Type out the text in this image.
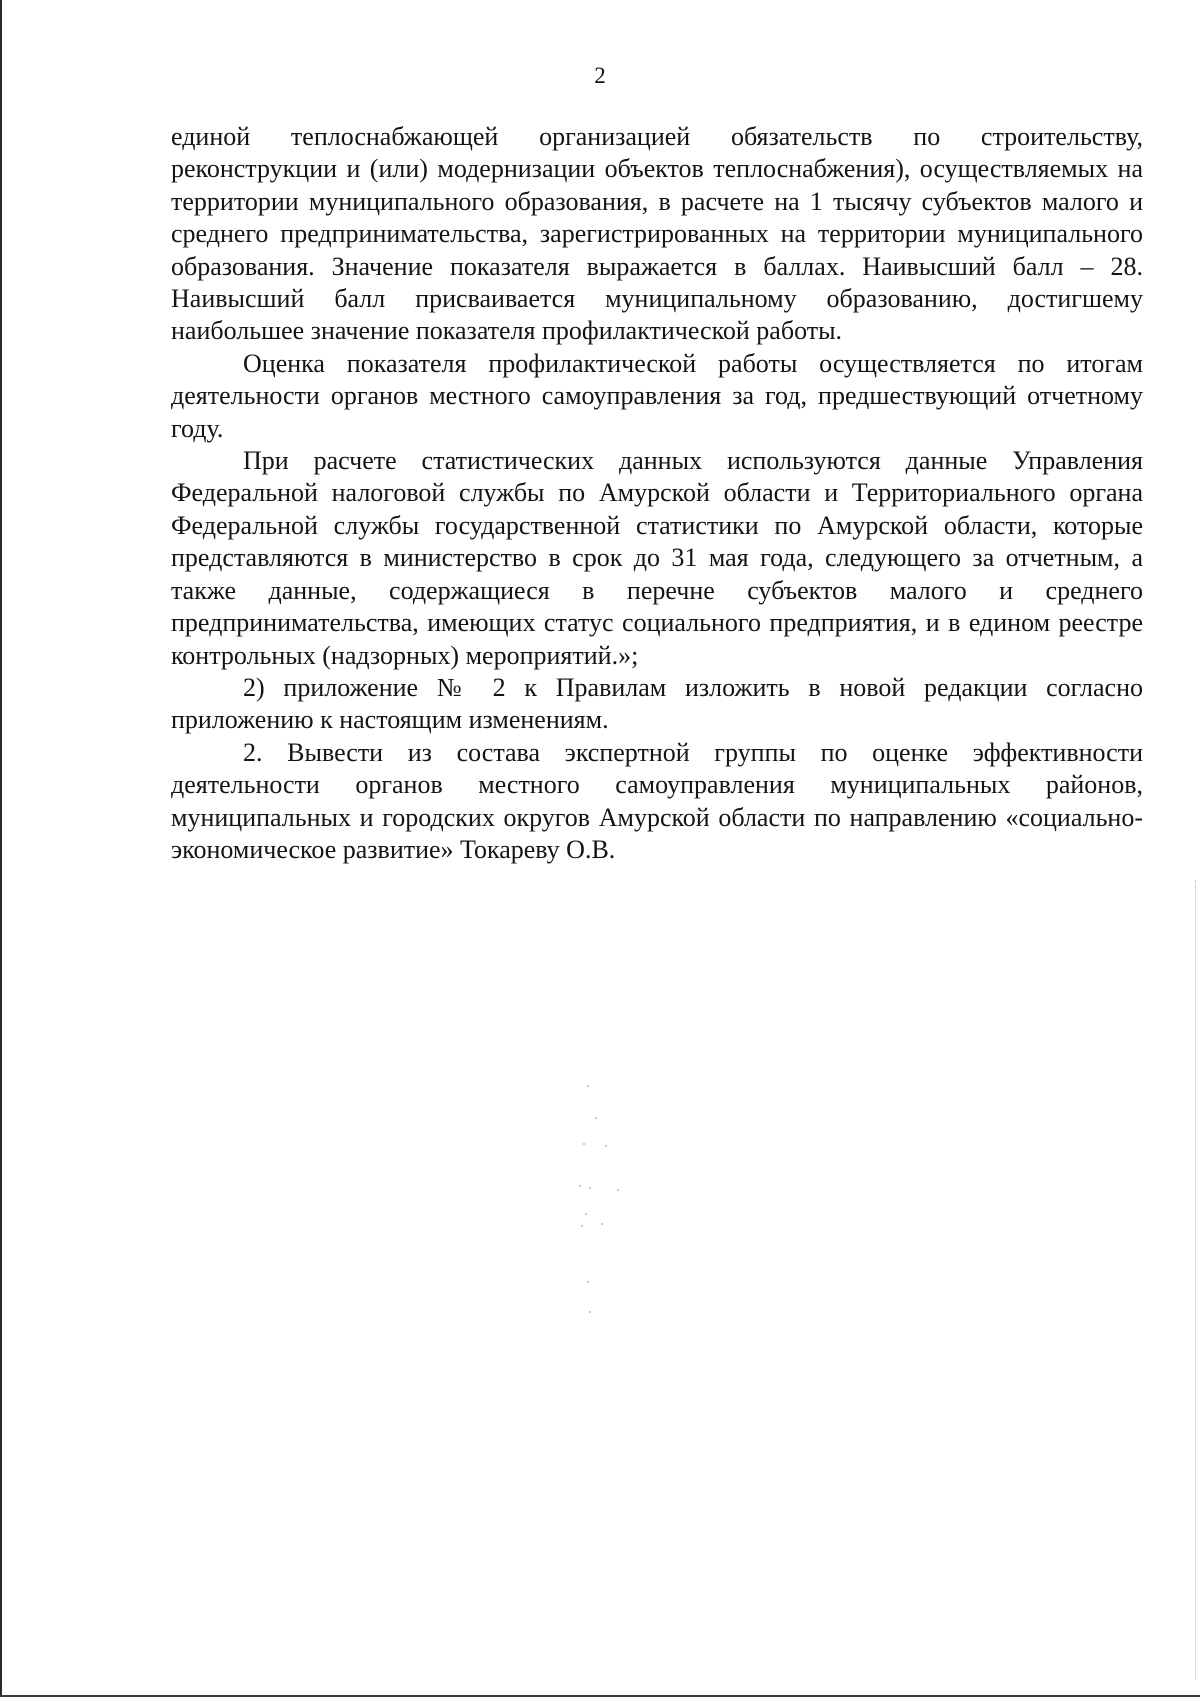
2

единой теплоснабжающей организацией обязательств по строительству, реконструкции и (или) модернизации объектов теплоснабжения), осуществляемых на территории муниципального образования, в расчете на 1 тысячу субъектов малого и среднего предпринимательства, зарегистрированных на территории муниципального образования. Значение показателя выражается в баллах. Наивысший балл – 28. Наивысший балл присваивается муниципальному образованию, достигшему наибольшее значение показателя профилактической работы.

Оценка показателя профилактической работы осуществляется по итогам деятельности органов местного самоуправления за год, предшествующий отчетному году.

При расчете статистических данных используются данные Управления Федеральной налоговой службы по Амурской области и Территориального органа Федеральной службы государственной статистики по Амурской области, которые представляются в министерство в срок до 31 мая года, следующего за отчетным, а также данные, содержащиеся в перечне субъектов малого и среднего предпринимательства, имеющих статус социального предприятия, и в едином реестре контрольных (надзорных) мероприятий.»;

2) приложение № 2 к Правилам изложить в новой редакции согласно приложению к настоящим изменениям.

2. Вывести из состава экспертной группы по оценке эффективности деятельности органов местного самоуправления муниципальных районов, муниципальных и городских округов Амурской области по направлению «социально-экономическое развитие» Токареву О.В.
